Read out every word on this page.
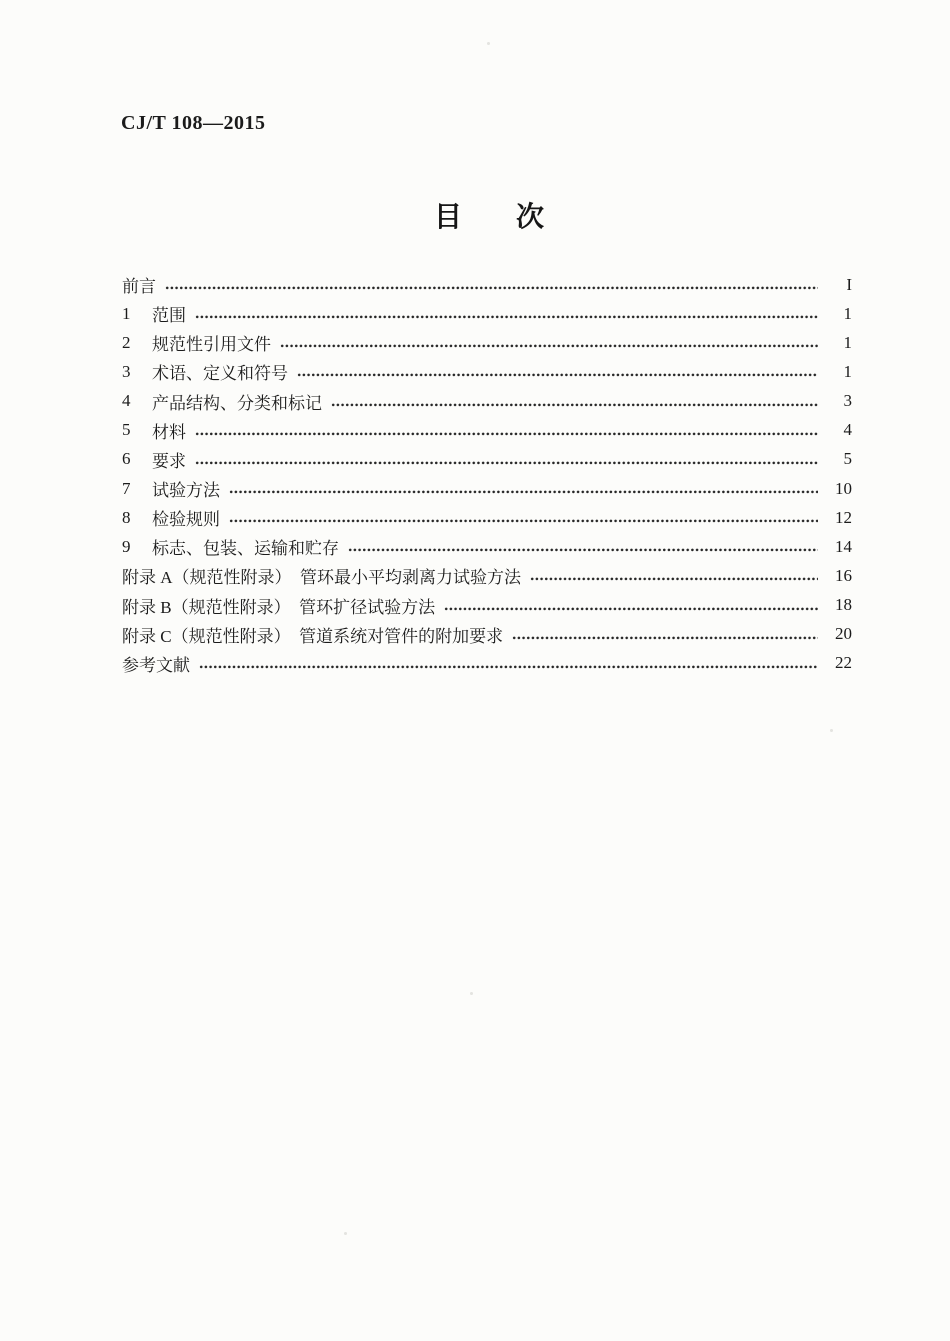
CJ/T 108—2015
目 次
前言	I
1	范围	1
2	规范性引用文件	1
3	术语、定义和符号	1
4	产品结构、分类和标记	3
5	材料	4
6	要求	5
7	试验方法	10
8	检验规则	12
9	标志、包装、运输和贮存	14
附录 A（规范性附录）　管环最小平均剥离力试验方法	16
附录 B（规范性附录）　管环扩径试验方法	18
附录 C（规范性附录）　管道系统对管件的附加要求	20
参考文献	22
